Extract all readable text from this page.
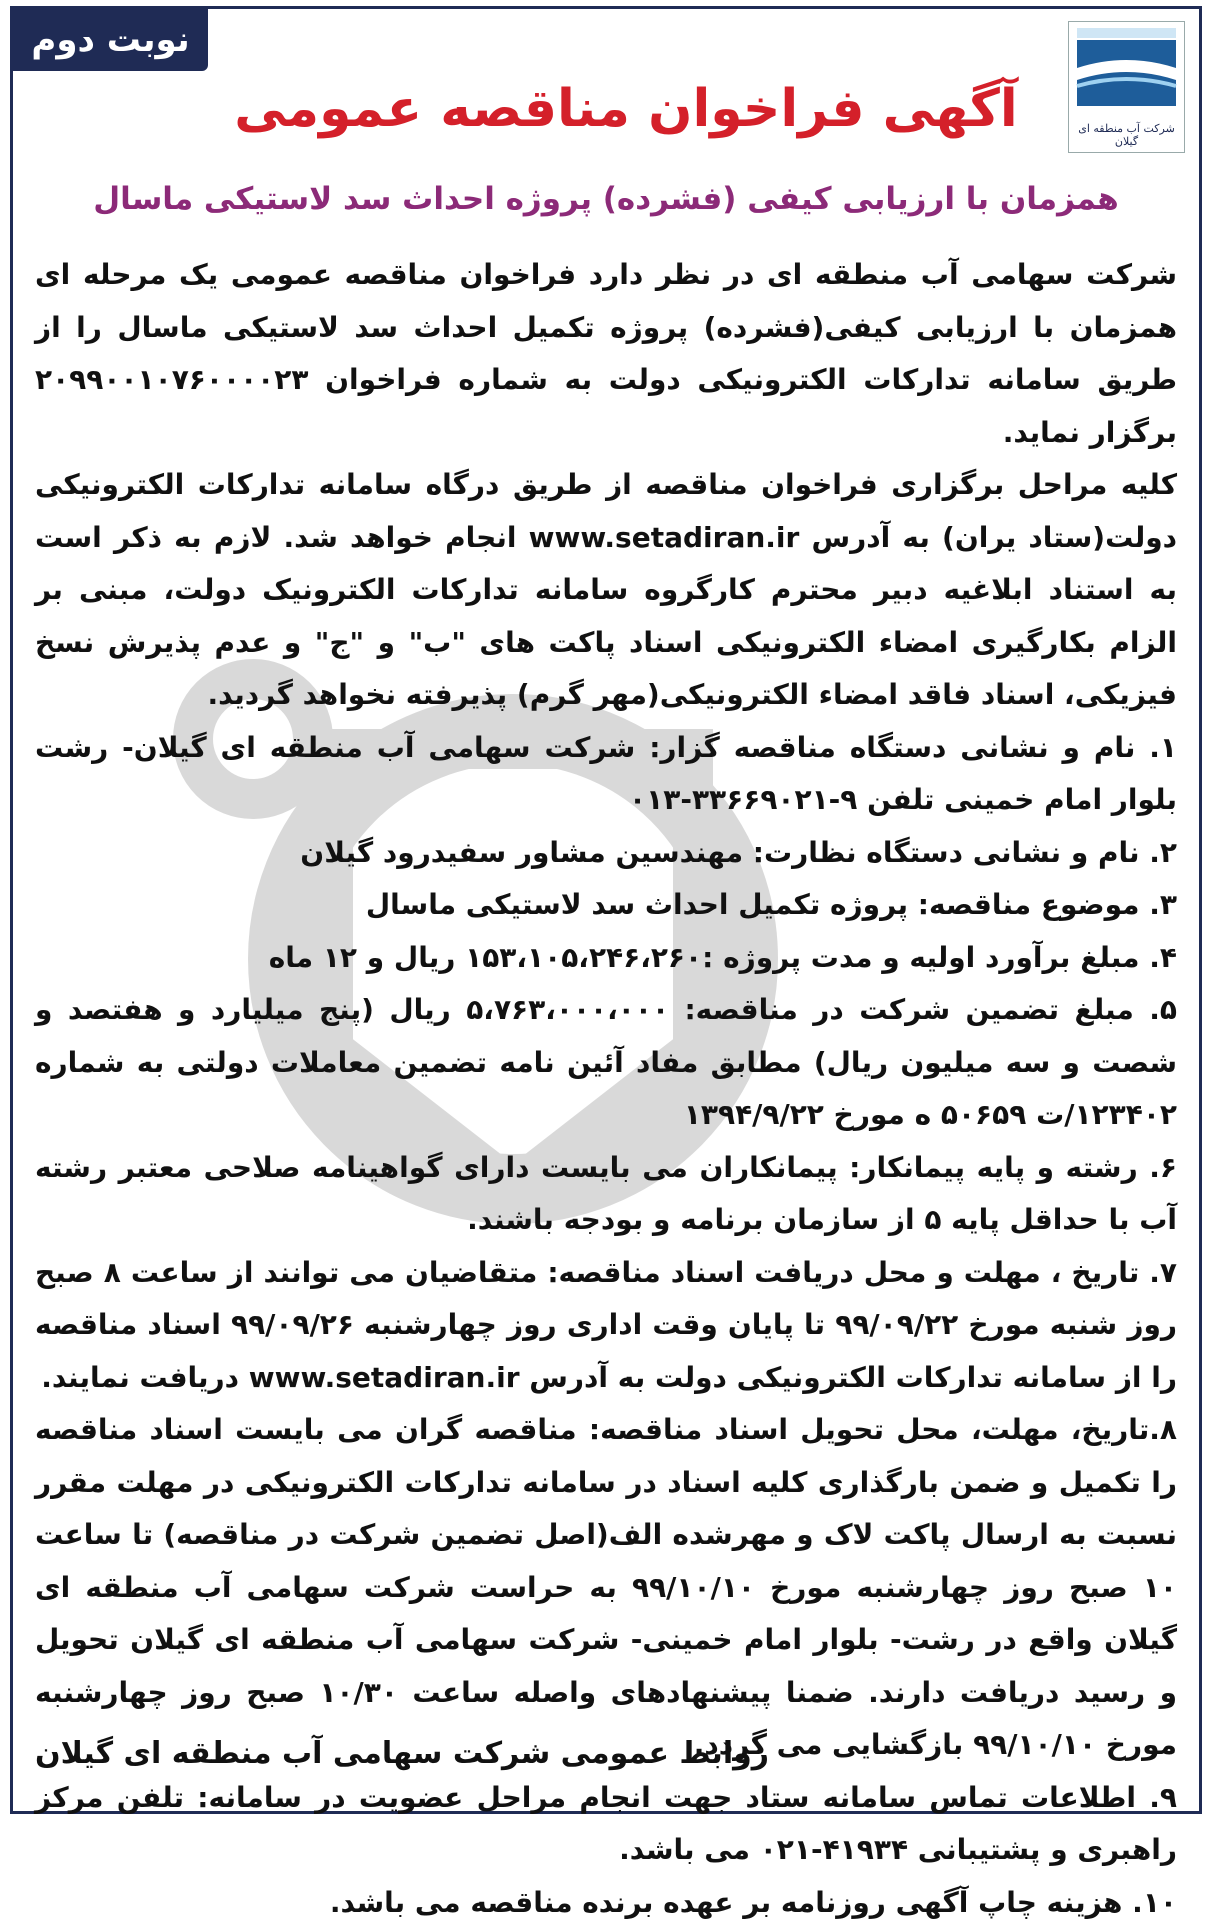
نوبت دوم
شرکت آب منطقه ای گیلان
آگهی فراخوان مناقصه عمومی
همزمان با ارزیابی کیفی (فشرده) پروژه احداث سد لاستیکی ماسال

شرکت سهامی آب منطقه ای در نظر دارد فراخوان مناقصه عمومی یک مرحله ای همزمان با ارزیابی کیفی(فشرده) پروژه تکمیل احداث سد لاستیکی ماسال را از طریق سامانه تدارکات الکترونیکی دولت به شماره فراخوان ۲۰۹۹۰۰۱۰۷۶۰۰۰۰۲۳ برگزار نماید.

کلیه مراحل برگزاری فراخوان مناقصه از طریق درگاه سامانه تدارکات الکترونیکی دولت(ستاد یران) به آدرس www.setadiran.ir انجام خواهد شد. لازم به ذکر است به استناد ابلاغیه دبیر محترم کارگروه سامانه تدارکات الکترونیک دولت، مبنی بر الزام بکارگیری امضاء الکترونیکی اسناد پاکت های "ب" و "ج" و عدم پذیرش نسخ فیزیکی، اسناد فاقد امضاء الکترونیکی(مهر گرم) پذیرفته نخواهد گردید.

۱. نام و نشانی دستگاه مناقصه گزار: شرکت سهامی آب منطقه ای گیلان- رشت بلوار امام خمینی تلفن ۹-۳۳۶۶۹۰۲۱-۰۱۳

۲. نام و نشانی دستگاه نظارت: مهندسین مشاور سفیدرود گیلان

۳. موضوع مناقصه: پروژه تکمیل احداث سد لاستیکی ماسال

۴. مبلغ برآورد اولیه و مدت پروژه :۱۵۳،۱۰۵،۲۴۶،۲۶۰ ریال و ۱۲ ماه

۵. مبلغ تضمین شرکت در مناقصه: ۵،۷۶۳،۰۰۰،۰۰۰ ریال (پنج میلیارد و هفتصد و شصت و سه میلیون ریال) مطابق مفاد آئین نامه تضمین معاملات دولتی به شماره ۱۲۳۴۰۲/ت ۵۰۶۵۹ ه مورخ ۱۳۹۴/۹/۲۲

۶. رشته و پایه پیمانکار: پیمانکاران می بایست دارای گواهینامه صلاحی معتبر رشته آب با حداقل پایه ۵ از سازمان برنامه و بودجه باشند.

۷. تاریخ ، مهلت و محل دریافت اسناد مناقصه: متقاضیان می توانند از ساعت ۸ صبح روز شنبه مورخ ۹۹/۰۹/۲۲ تا پایان وقت اداری روز چهارشنبه ۹۹/۰۹/۲۶ اسناد مناقصه را از سامانه تدارکات الکترونیکی دولت به آدرس www.setadiran.ir دریافت نمایند.

۸.تاریخ، مهلت، محل تحویل اسناد مناقصه: مناقصه گران می بایست اسناد مناقصه را تکمیل و ضمن بارگذاری کلیه اسناد در سامانه تدارکات الکترونیکی در مهلت مقرر نسبت به ارسال پاکت لاک و مهرشده الف(اصل تضمین شرکت در مناقصه) تا ساعت ۱۰ صبح روز چهارشنبه مورخ ۹۹/۱۰/۱۰ به حراست شرکت سهامی آب منطقه ای گیلان واقع در رشت- بلوار امام خمینی- شرکت سهامی آب منطقه ای گیلان تحویل و رسید دریافت دارند. ضمنا پیشنهادهای واصله ساعت ۱۰/۳۰ صبح روز چهارشنبه مورخ ۹۹/۱۰/۱۰ بازگشایی می گردد.

۹. اطلاعات تماس سامانه ستاد جهت انجام مراحل عضویت در سامانه: تلفن مرکز راهبری و پشتیبانی ۴۱۹۳۴-۰۲۱ می باشد.

۱۰. هزینه چاپ آگهی روزنامه بر عهده برنده مناقصه می باشد.

روابط عمومی شرکت سهامی آب منطقه ای گیلان
